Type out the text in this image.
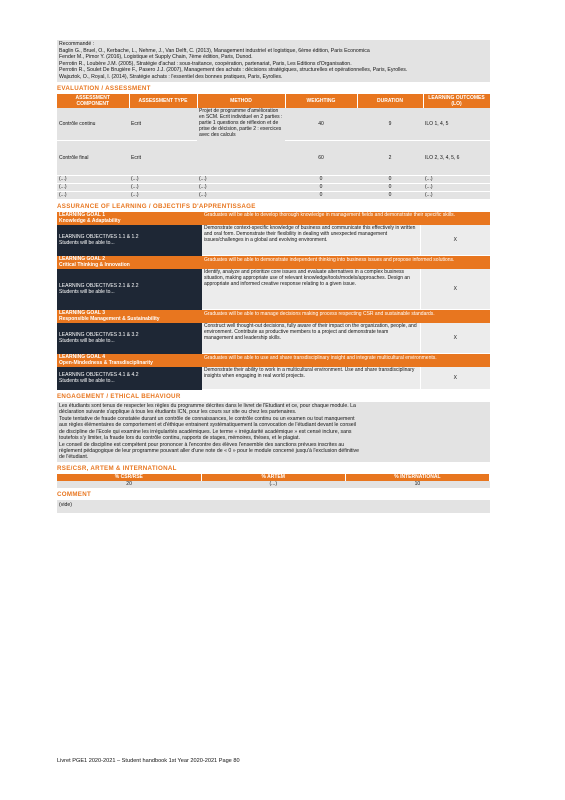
Recommandé :
Baglin G., Bruel, O., Kerbache, L., Nehme, J., Van Delft, C. (2013), Management industriel et logistique, 6ème édition, Paris Economica
Fender M., Pimor Y. (2016), Logistique et Supply Chain, 7ème édition, Paris, Dunod.
Perrotin R., Loubère J.M. (2005), Stratégie d'achat : sous-traitance, coopération, partenariat, Paris, Les Editions d'Organisation.
Perrotin R., Soulet De Brugière F., Pasero J.J. (2007), Management des achats : décisions stratégiques, structurelles et opérationnelles, Paris, Eyrolles.
Wajsztok, O., Royal, I. (2014), Stratégie achats : l'essentiel des bonnes pratiques, Paris, Eyrolles.
EVALUATION / ASSESSMENT
ASSESSMENT COMPONENT	ASSESSMENT TYPE	METHOD	WEIGHTING	DURATION	LEARNING OUTCOMES (LO)
Contrôle continu	Ecrit	Projet de programme d'amélioration en SCM. Ecrit individuel en 2 parties : partie 1 questions de réflexion et de prise de décision, partie 2 : exercices avec des calculs	40	9	ILO 1, 4, 5
Contrôle final	Ecrit		60	2	ILO 2, 3, 4, 5, 6
(...)	(...)	(...)	0	0	(...)
(...)	(...)	(...)	0	0	(...)
(...)	(...)	(...)	0	0	(...)
ASSURANCE OF LEARNING / OBJECTIFS D'APPRENTISSAGE
LEARNING GOAL 1
Knowledge & Adaptability	Graduates will be able to develop thorough knowledge in management fields and demonstrate their specific skills.	
LEARNING OBJECTIVES 1.1 & 1.2
Students will be able to...	Demonstrate context-specific knowledge of business and communicate this effectively in written and oral form. Demonstrate their flexibility in dealing with unexpected management issues/challenges in a global and evolving environment.	X
LEARNING GOAL 2
Critical Thinking & Innovation	Graduates will be able to demonstrate independent thinking into business issues and propose informed solutions.	
LEARNING OBJECTIVES 2.1 & 2.2
Students will be able to...	Identify, analyze and prioritize core issues and evaluate alternatives in a complex business situation, making appropriate use of relevant knowledge/tools/models/approaches. Design an appropriate and informed creative response relating to a given issue.	X
LEARNING GOAL 3
Responsible Management & Sustainability	Graduates will be able to manage decisions making process respecting CSR and sustainable standards.	
LEARNING OBJECTIVES 3.1 & 3.2
Students will be able to...	Construct well thought-out decisions, fully aware of their impact on the organization, people, and environment. Contribute as productive members to a project and demonstrate team management and leadership skills.	X
LEARNING GOAL 4
Open-Mindedness & Transdisciplinarity	Graduates will be able to use and share transdisciplinary insight and integrate multicultural environments.	
LEARNING OBJECTIVES 4.1 & 4.2
Students will be able to...	Demonstrate their ability to work in a multicultural environment. Use and share transdisciplinary insights when engaging in real world projects.	X
ENGAGEMENT / ETHICAL BEHAVIOUR
Les étudiants sont tenus de respecter les règles du programme décrites dans le livret de l'Etudiant et ce, pour chaque module. La
déclaration suivante s'applique à tous les étudiants ICN, pour les cours sur site ou chez les partenaires.
Toute tentative de fraude constatée durant un contrôle de connaissances, le contrôle continu ou un examen ou tout manquement
aux règles élémentaires de comportement et d'éthique entrainent systématiquement la convocation de l'étudiant devant le conseil
de discipline de l'Ecole qui examine les irrégularités académiques. Le terme « irrégularité académique » est censé inclure, sans
toutefois s'y limiter, la fraude lors du contrôle continu, rapports de stages, mémoires, thèses, et le plagiat.
Le conseil de discipline est compétent pour prononcer à l'encontre des élèves l'ensemble des sanctions prévues inscrites au
règlement pédagogique de leur programme pouvant aller d'une note de « 0 » pour le module concerné jusqu'à l'exclusion définitive
de l'étudiant.
RSE/CSR, ARTEM & INTERNATIONAL
% CSR/RSE	% ARTEM	% INTERNATIONAL
20	(...)	10
COMMENT
(vide)
Livret PGE1 2020-2021 – Student handbook 1st Year 2020-2021 Page 80
